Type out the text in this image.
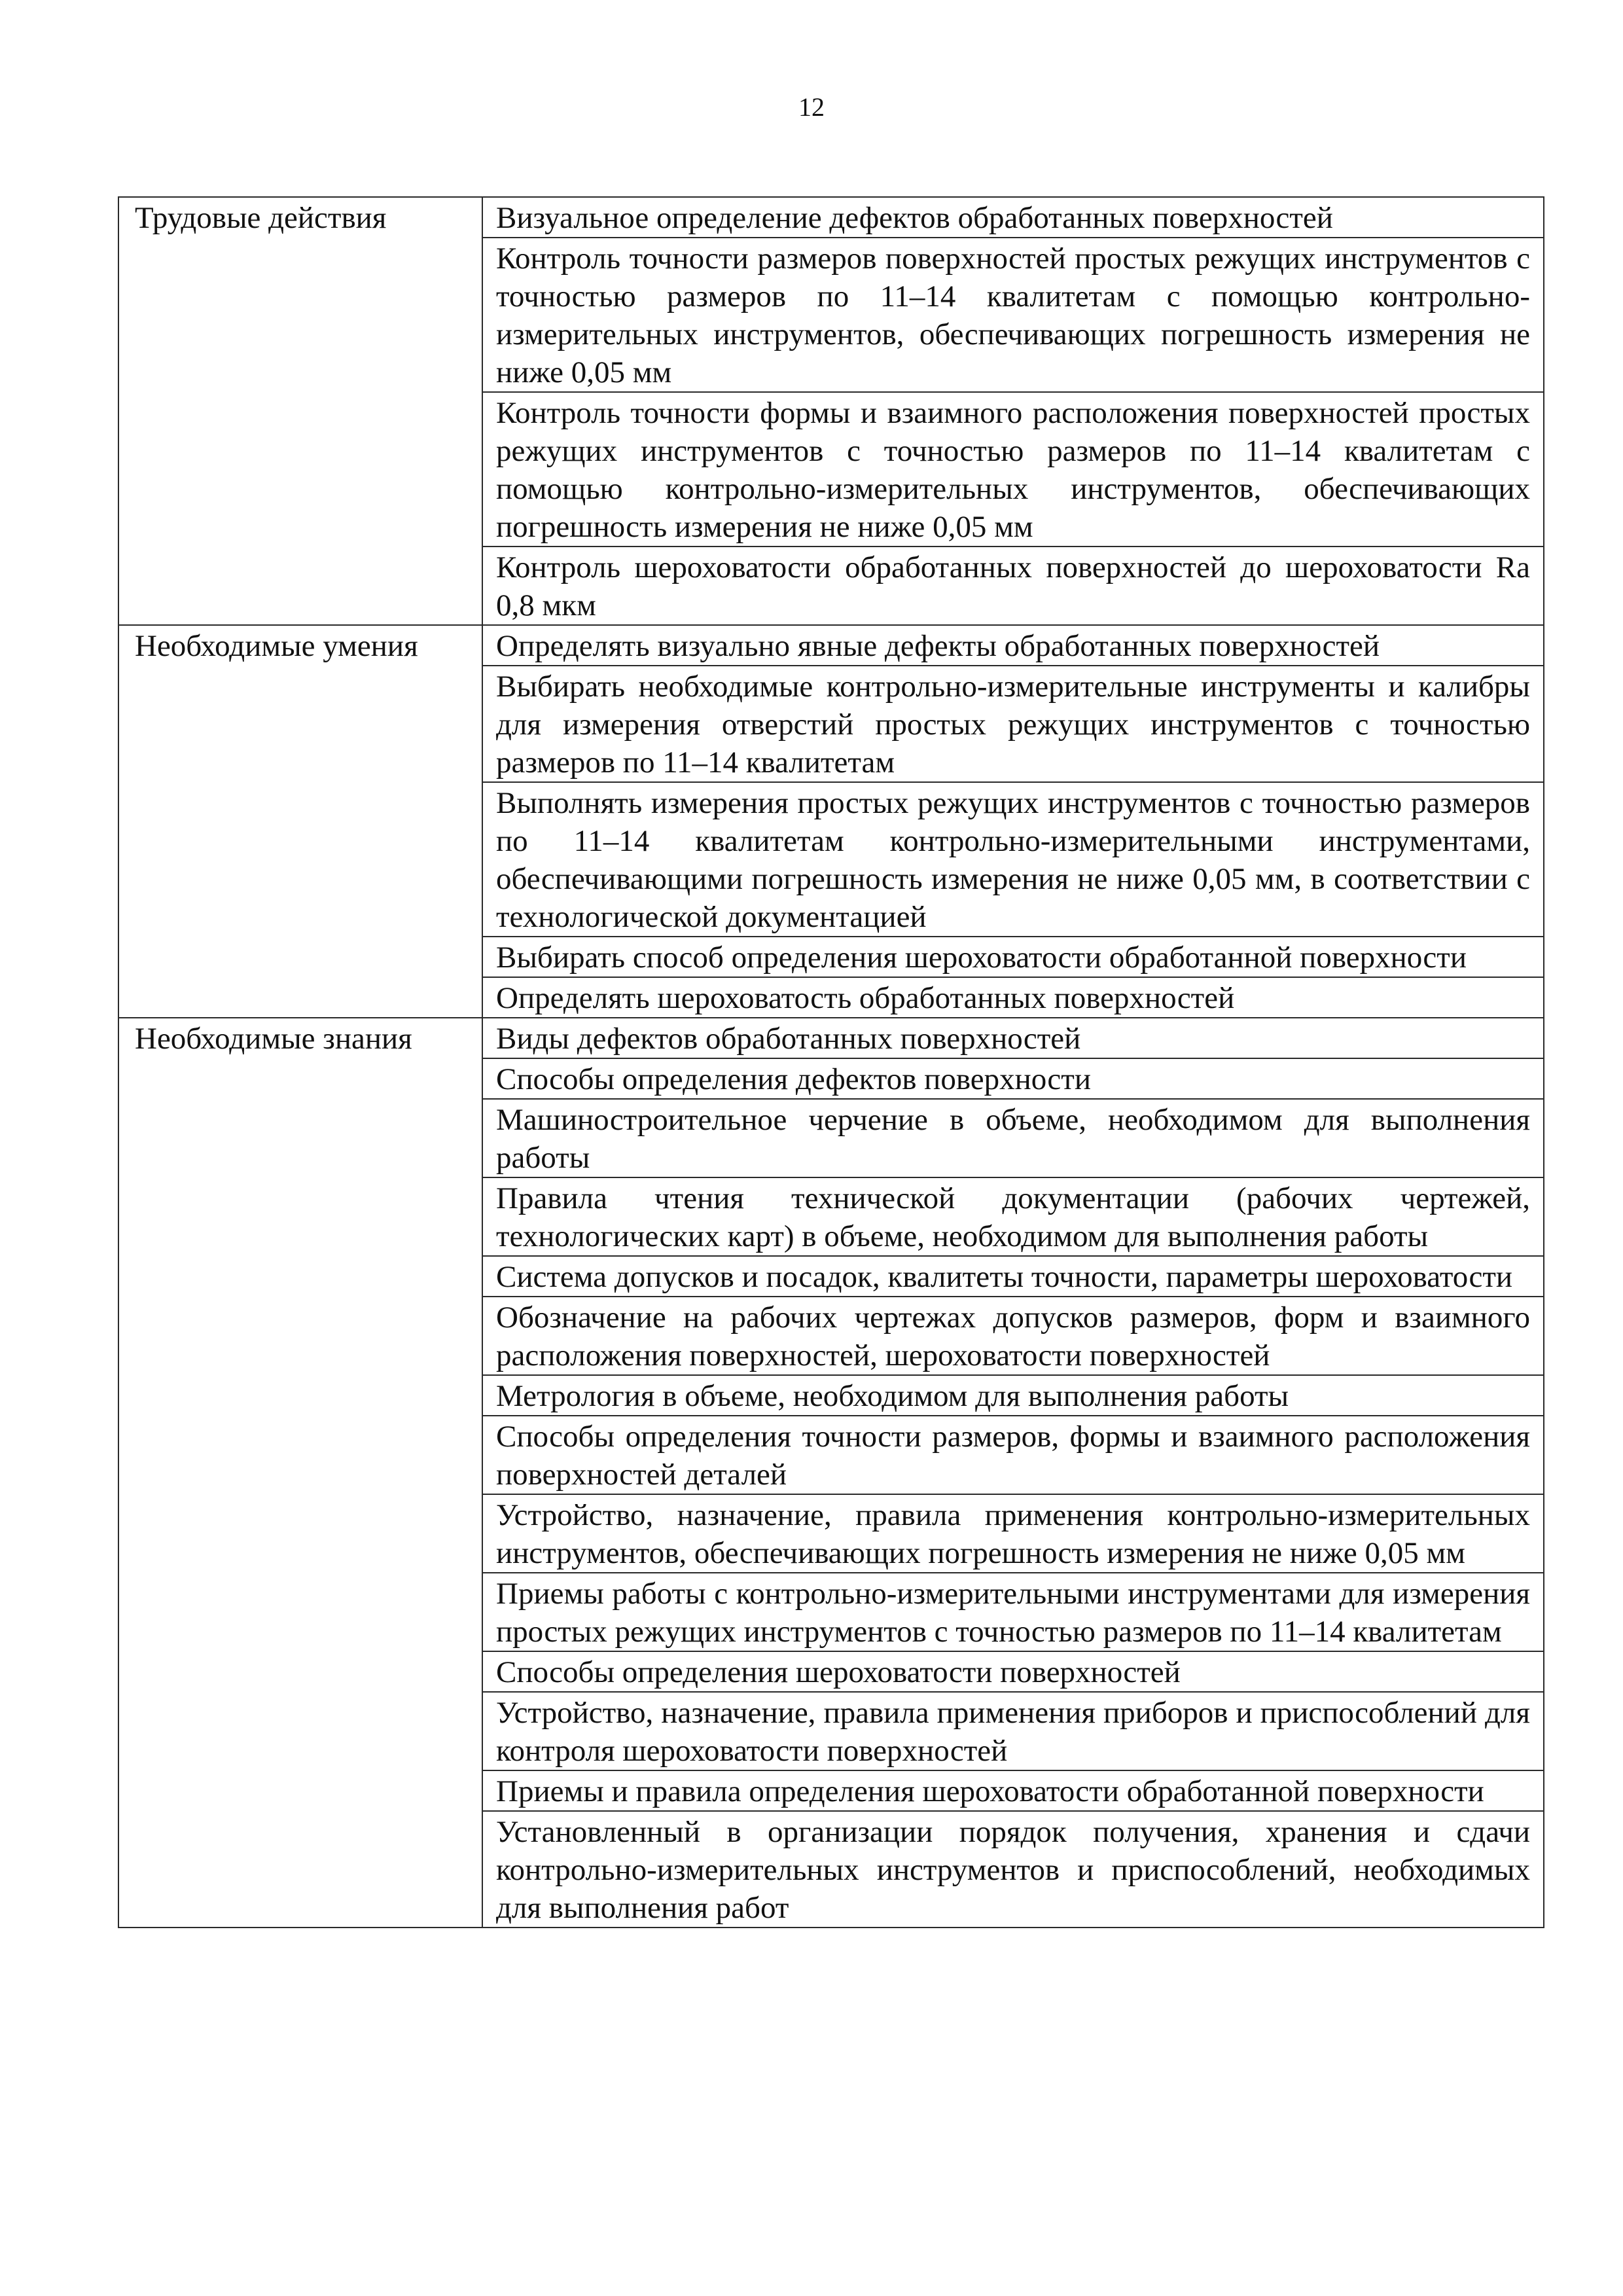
12
Трудовые действия	Визуальное определение дефектов обработанных поверхностей
	Контроль точности размеров поверхностей простых режущих инструментов с точностью размеров по 11–14 квалитетам с помощью контрольно-измерительных инструментов, обеспечивающих погрешность измерения не ниже 0,05 мм
	Контроль точности формы и взаимного расположения поверхностей простых режущих инструментов с точностью размеров по 11–14 квалитетам с помощью контрольно-измерительных инструментов, обеспечивающих погрешность измерения не ниже 0,05 мм
	Контроль шероховатости обработанных поверхностей до шероховатости Ra 0,8 мкм
Необходимые умения	Определять визуально явные дефекты обработанных поверхностей
	Выбирать необходимые контрольно-измерительные инструменты и калибры для измерения отверстий простых режущих инструментов с точностью размеров по 11–14 квалитетам
	Выполнять измерения простых режущих инструментов с точностью размеров по 11–14 квалитетам контрольно-измерительными инструментами, обеспечивающими погрешность измерения не ниже 0,05 мм, в соответствии с технологической документацией
	Выбирать способ определения шероховатости обработанной поверхности
	Определять шероховатость обработанных поверхностей
Необходимые знания	Виды дефектов обработанных поверхностей
	Способы определения дефектов поверхности
	Машиностроительное черчение в объеме, необходимом для выполнения работы
	Правила чтения технической документации (рабочих чертежей, технологических карт) в объеме, необходимом для выполнения работы
	Система допусков и посадок, квалитеты точности, параметры шероховатости
	Обозначение на рабочих чертежах допусков размеров, форм и взаимного расположения поверхностей, шероховатости поверхностей
	Метрология в объеме, необходимом для выполнения работы
	Способы определения точности размеров, формы и взаимного расположения поверхностей деталей
	Устройство, назначение, правила применения контрольно-измерительных инструментов, обеспечивающих погрешность измерения не ниже 0,05 мм
	Приемы работы с контрольно-измерительными инструментами для измерения простых режущих инструментов с точностью размеров по 11–14 квалитетам
	Способы определения шероховатости поверхностей
	Устройство, назначение, правила применения приборов и приспособлений для контроля шероховатости поверхностей
	Приемы и правила определения шероховатости обработанной поверхности
	Установленный в организации порядок получения, хранения и сдачи контрольно-измерительных инструментов и приспособлений, необходимых для выполнения работ
